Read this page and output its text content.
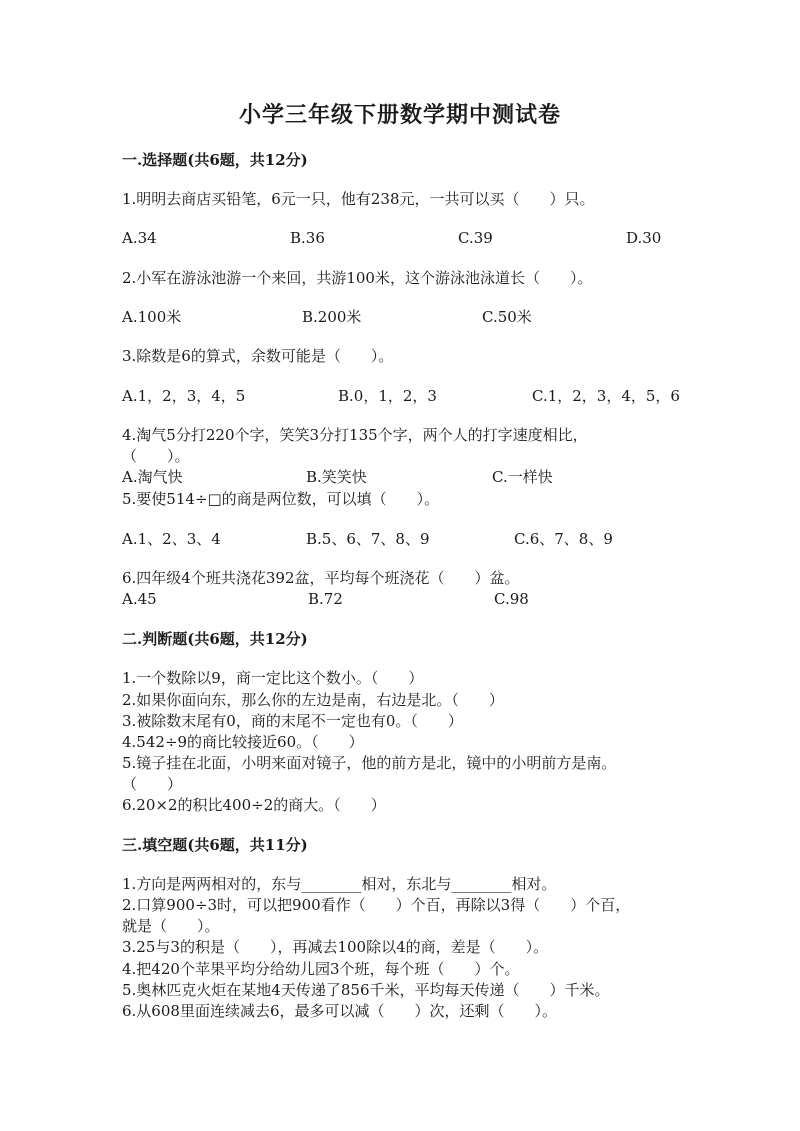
小学三年级下册数学期中测试卷
一.选择题(共6题，共12分)
1.明明去商店买铅笔，6元一只，他有238元，一共可以买（　　）只。
A.34	B.36	C.39	D.30
2.小军在游泳池游一个来回，共游100米，这个游泳池泳道长（　　）。
A.100米	B.200米	C.50米
3.除数是6的算式，余数可能是（　　）。
A.1，2，3，4，5	B.0，1，2，3	C.1，2，3，4，5，6
4.淘气5分打220个字，笑笑3分打135个字，两个人的打字速度相比，
（　　）。
A.淘气快	B.笑笑快	C.一样快
5.要使514÷□的商是两位数，可以填（　　）。
A.1、2、3、4	B.5、6、7、8、9	C.6、7、8、9
6.四年级4个班共浇花392盆，平均每个班浇花（　　）盆。
A.45	B.72	C.98
二.判断题(共6题，共12分)
1.一个数除以9，商一定比这个数小。（　　）
2.如果你面向东，那么你的左边是南，右边是北。（　　）
3.被除数末尾有0，商的末尾不一定也有0。（　　）
4.542÷9的商比较接近60。（　　）
5.镜子挂在北面，小明来面对镜子，他的前方是北，镜中的小明前方是南。
（　　）
6.20×2的积比400÷2的商大。（　　）
三.填空题(共6题，共11分)
1.方向是两两相对的，东与________相对，东北与________相对。
2.口算900÷3时，可以把900看作（　　）个百，再除以3得（　　）个百，
就是（　　）。
3.25与3的积是（　　），再减去100除以4的商，差是（　　）。
4.把420个苹果平均分给幼儿园3个班，每个班（　　）个。
5.奥林匹克火炬在某地4天传递了856千米，平均每天传递（　　）千米。
6.从608里面连续减去6，最多可以减（　　）次，还剩（　　）。
